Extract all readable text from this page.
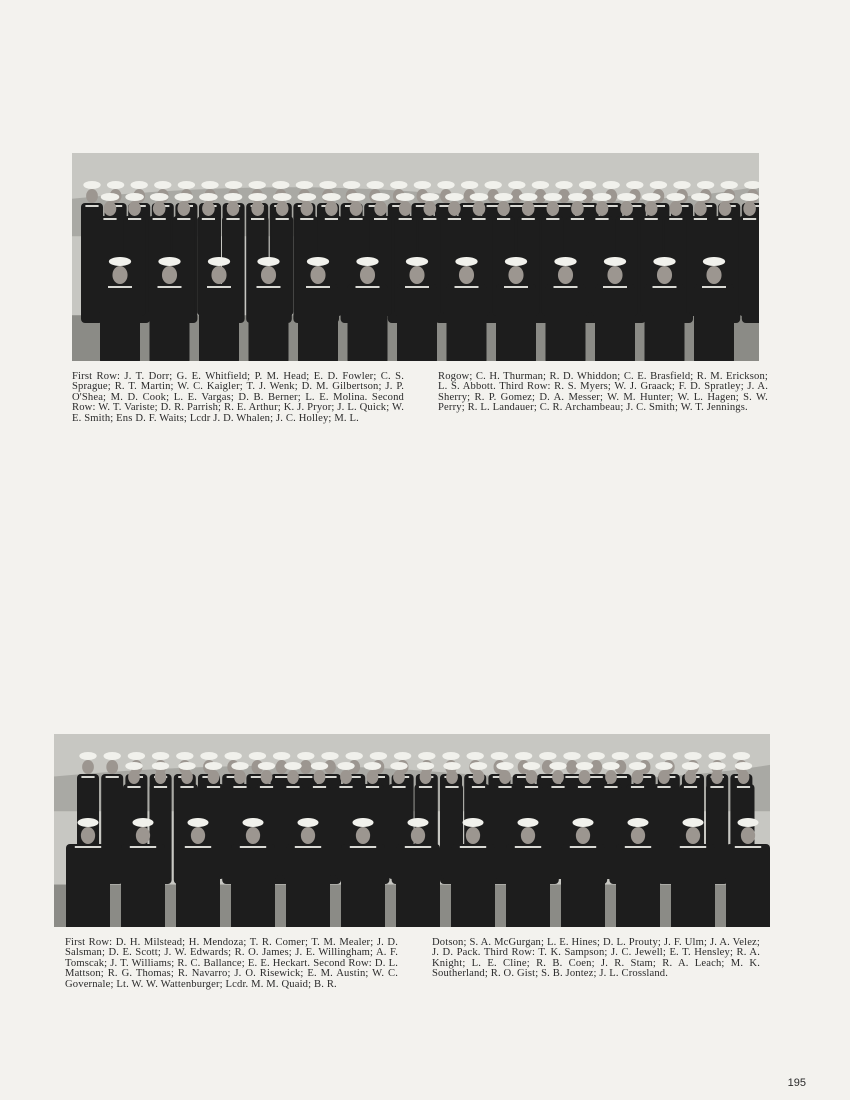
First Row: J. T. Dorr; G. E. Whitfield; P. M. Head; E. D. Fowler; C. S. Sprague; R. T. Martin; W. C. Kaigler; T. J. Wenk; D. M. Gilbertson; J. P. O'Shea; M. D. Cook; L. E. Vargas; D. B. Berner; L. E. Molina. Second Row: W. T. Variste; D. R. Parrish; R. E. Arthur; K. J. Pryor; J. L. Quick; W. E. Smith; Ens D. F. Waits; Lcdr J. D. Whalen; J. C. Holley; M. L.
Rogow; C. H. Thurman; R. D. Whiddon; C. E. Brasfield; R. M. Erickson; L. S. Abbott. Third Row: R. S. Myers; W. J. Graack; F. D. Spratley; J. A. Sherry; R. P. Gomez; D. A. Messer; W. M. Hunter; W. L. Hagen; S. W. Perry; R. L. Landauer; C. R. Archambeau; J. C. Smith; W. T. Jennings.
First Row: D. H. Milstead; H. Mendoza; T. R. Comer; T. M. Mealer; J. D. Salsman; D. E. Scott; J. W. Edwards; R. O. James; J. E. Willingham; A. F. Tomscak; J. T. Williams; R. C. Ballance; E. E. Heckart. Second Row: D. L. Mattson; R. G. Thomas; R. Navarro; J. O. Risewick; E. M. Austin; W. C. Governale; Lt. W. W. Wattenburger; Lcdr. M. M. Quaid; B. R.
Dotson; S. A. McGurgan; L. E. Hines; D. L. Prouty; J. F. Ulm; J. A. Velez; J. D. Pack. Third Row: T. K. Sampson; J. C. Jewell; E. T. Hensley; R. A. Knight; L. E. Cline; R. B. Coen; J. R. Stam; R. A. Leach; M. K. Southerland; R. O. Gist; S. B. Jontez; J. L. Crossland.
195
